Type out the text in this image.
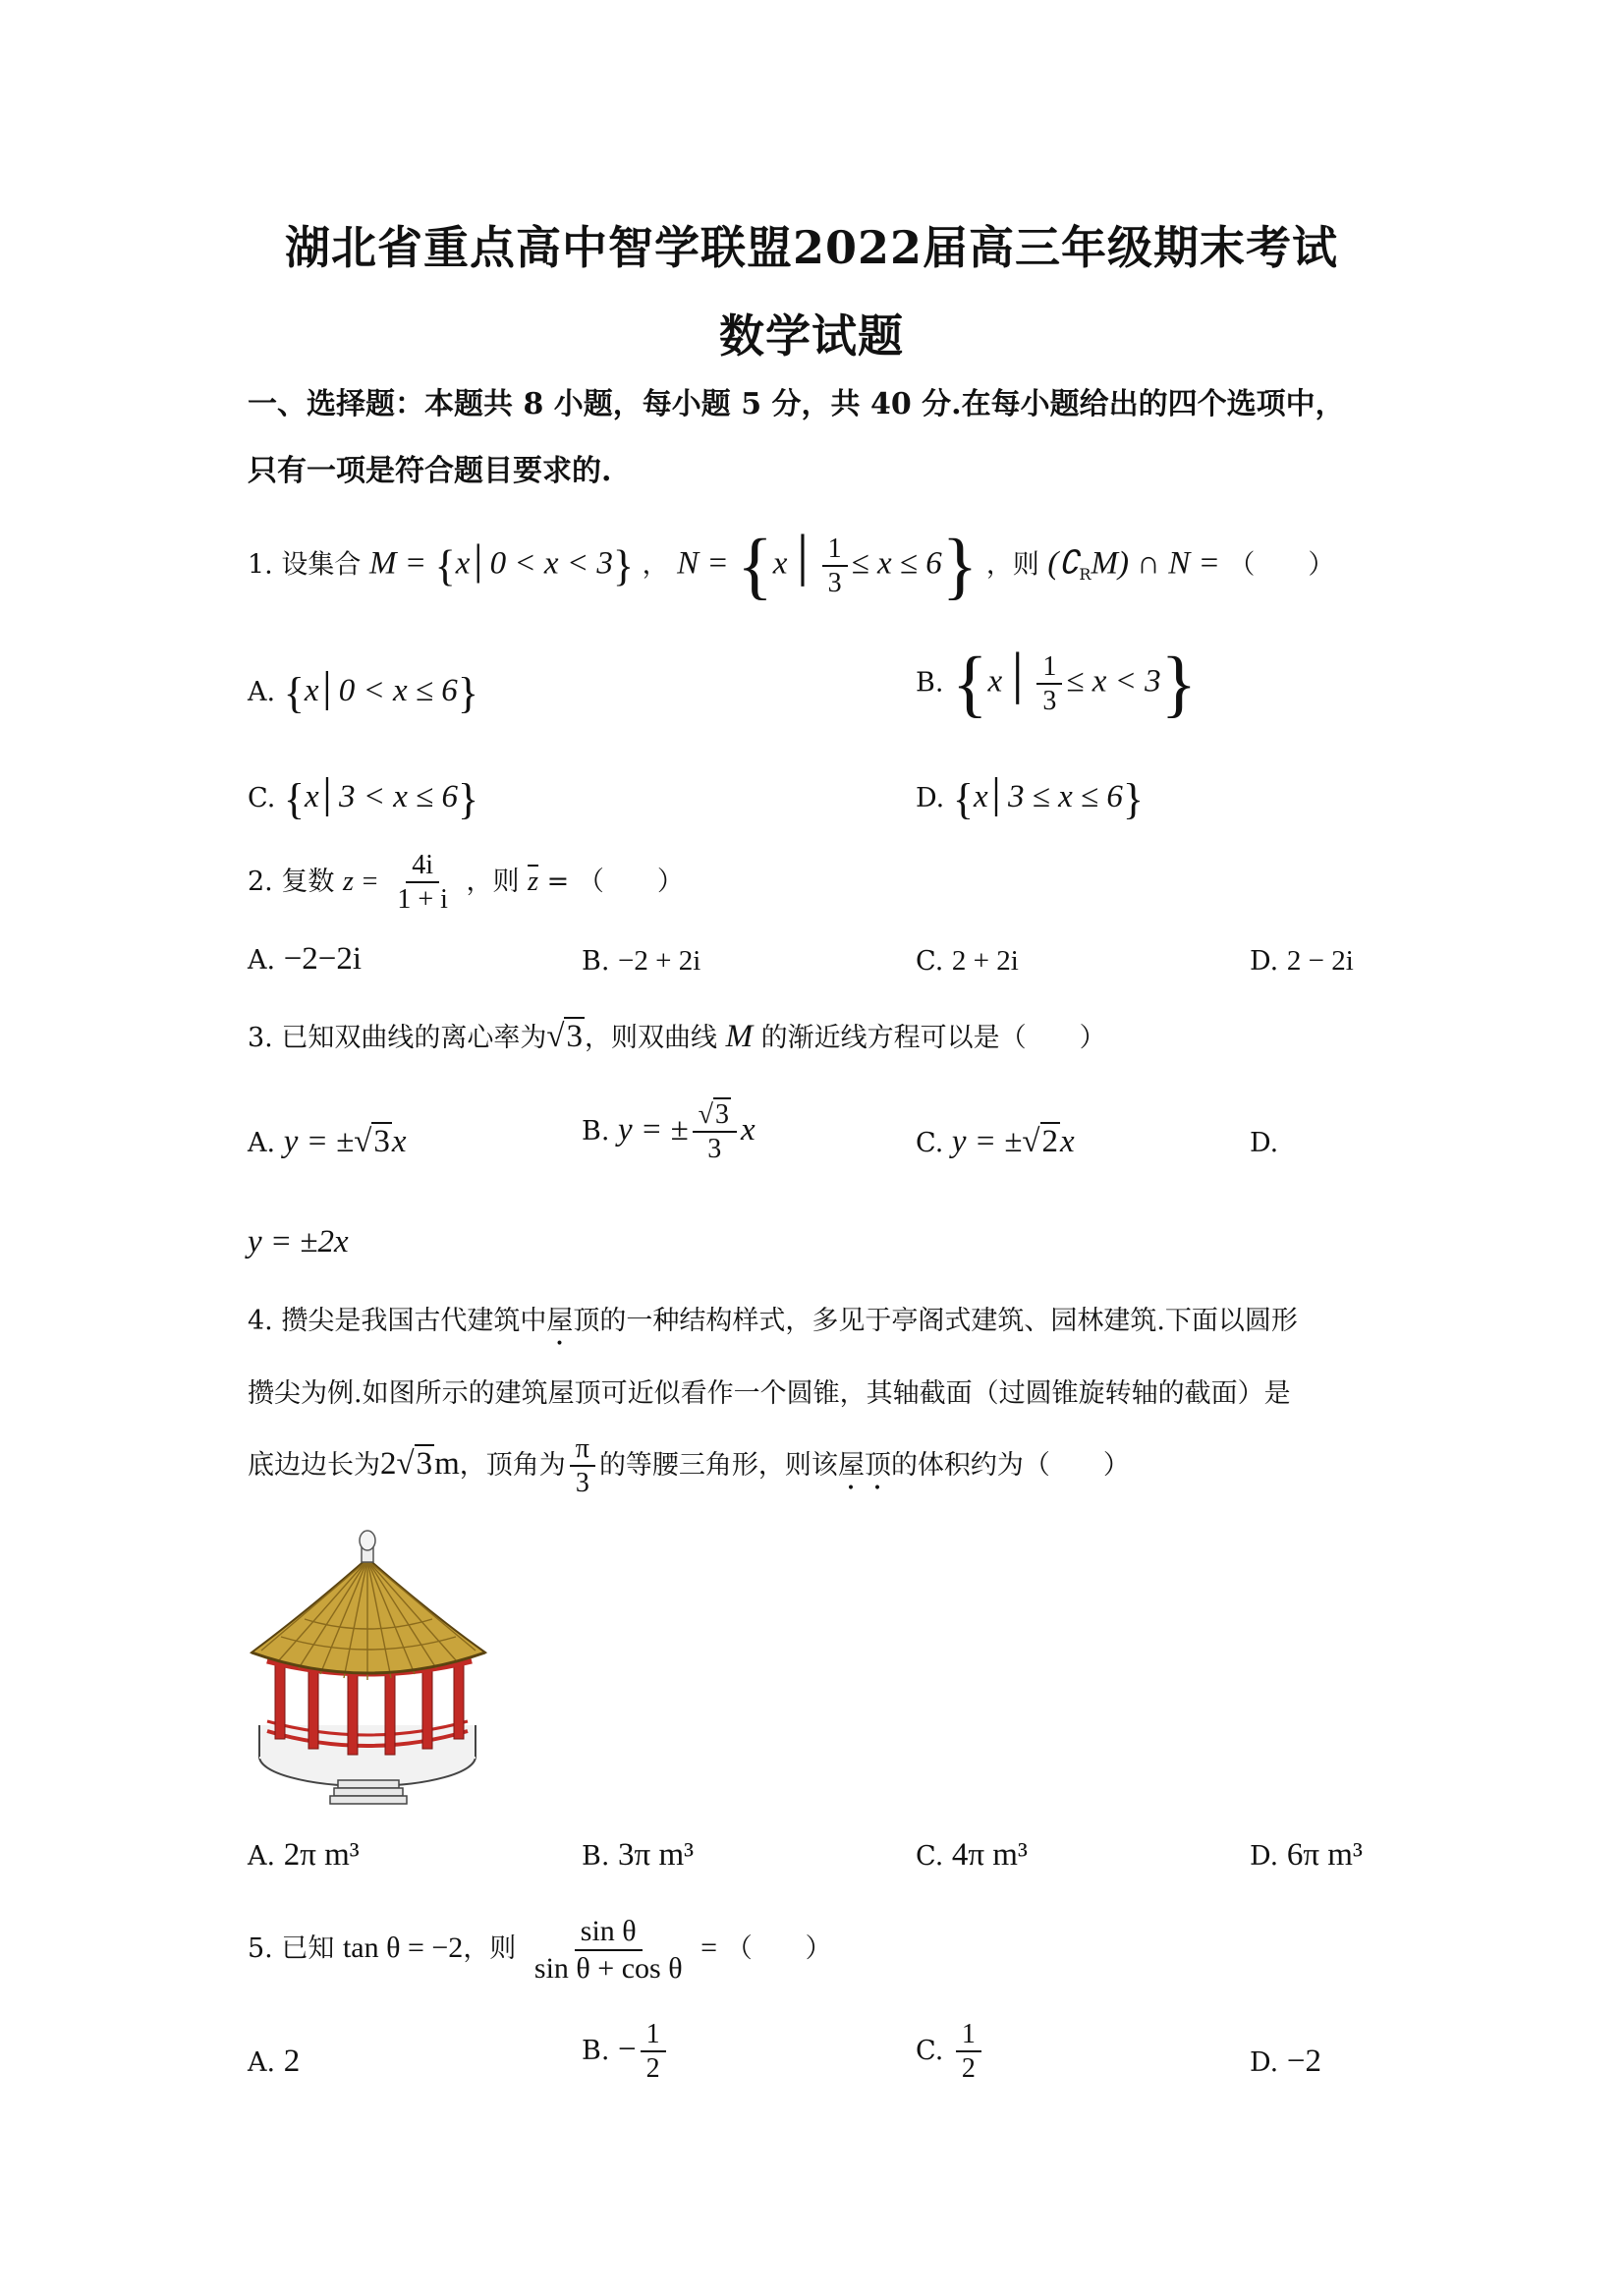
湖北省重点高中智学联盟2022届高三年级期末考试
数学试题
一、选择题：本题共 8 小题，每小题 5 分，共 40 分.在每小题给出的四个选项中，
只有一项是符合题目要求的.
1. 设集合 M = {x│0 < x < 3} ， N = {x│ $\frac{1}{3} \le x \le 6$} ，则 $(∁_RM)$ ∩ N = （　　）
A. {x│0 < x ≤ 6}	B. {x│ $\frac{1}{3} \le x < 3$}
C. {x│3 < x ≤ 6}	D. {x│3 ≤ x ≤ 6}
2. 复数 $z = \frac{4i}{1 + i}$ ，则 $\overline{z}$ = （　　）
A. −2−2i	B. −2 + 2i	C. 2 + 2i	D. 2 − 2i
3. 已知双曲线的离心率为√3，则双曲线 M 的渐近线方程可以是（　　）
A. y = ±√3x	B. y = ± $\frac{√3}{3}$ x	C. y = ±√2x	D.
y = ±2x
4. 攒尖是我国古代建筑中屋顶的一种结构样式，多见于亭阁式建筑、园林建筑.下面以圆形
攒尖为例.如图所示的建筑屋顶可近似看作一个圆锥，其轴截面（过圆锥旋转轴的截面）是
底边边长为2√3m，顶角为 $\frac{\pi}{3}$ 的等腰三角形，则该屋顶的体积约为（　　）
A. 2π m³	B. 3π m³	C. 4π m³	D. 6π m³
5. 已知 tan θ = −2，则 $\frac{\text{sin θ}}{\text{sin θ + cos θ}}$ = （　　）
A. 2	B. − $\frac{1}{2}$	C. $\frac{1}{2}$	D. −2
